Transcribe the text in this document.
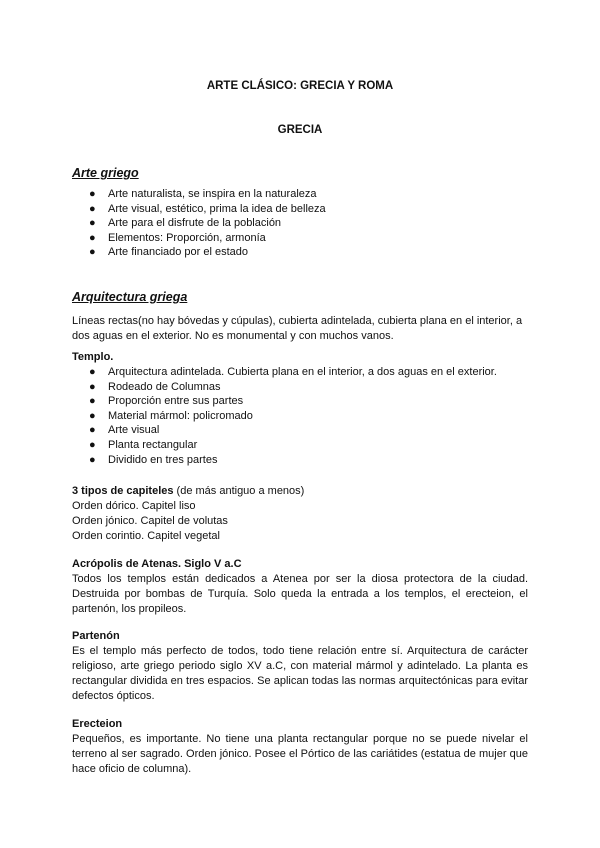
ARTE CLÁSICO: GRECIA Y ROMA
GRECIA
Arte griego
● Arte naturalista, se inspira en la naturaleza
● Arte visual, estético, prima la idea de belleza
● Arte para el disfrute de la población
● Elementos: Proporción, armonía
● Arte financiado por el estado
Arquitectura griega

Líneas rectas(no hay bóvedas y cúpulas), cubierta adintelada, cubierta plana en el interior, a dos aguas en el exterior. No es monumental y con muchos vanos.

Templo.
● Arquitectura adintelada. Cubierta plana en el interior, a dos aguas en el exterior.
● Rodeado de Columnas
● Proporción entre sus partes
● Material mármol: policromado
● Arte visual
● Planta rectangular
● Dividido en tres partes
3 tipos de capiteles (de más antiguo a menos)
Orden dórico. Capitel liso
Orden jónico. Capitel de volutas
Orden corintio. Capitel vegetal
Acrópolis de Atenas. Siglo V a.C

Todos los templos están dedicados a Atenea por ser la diosa protectora de la ciudad. Destruida por bombas de Turquía. Solo queda la entrada a los templos, el erecteion, el partenón, los propileos.

Partenón

Es el templo más perfecto de todos, todo tiene relación entre sí. Arquitectura de carácter religioso, arte griego periodo siglo XV a.C, con material mármol y adintelado. La planta es rectangular dividida en tres espacios. Se aplican todas las normas arquitectónicas para evitar defectos ópticos.

Erecteion

Pequeños, es importante. No tiene una planta rectangular porque no se puede nivelar el terreno al ser sagrado. Orden jónico. Posee el Pórtico de las cariátides (estatua de mujer que hace oficio de columna).
